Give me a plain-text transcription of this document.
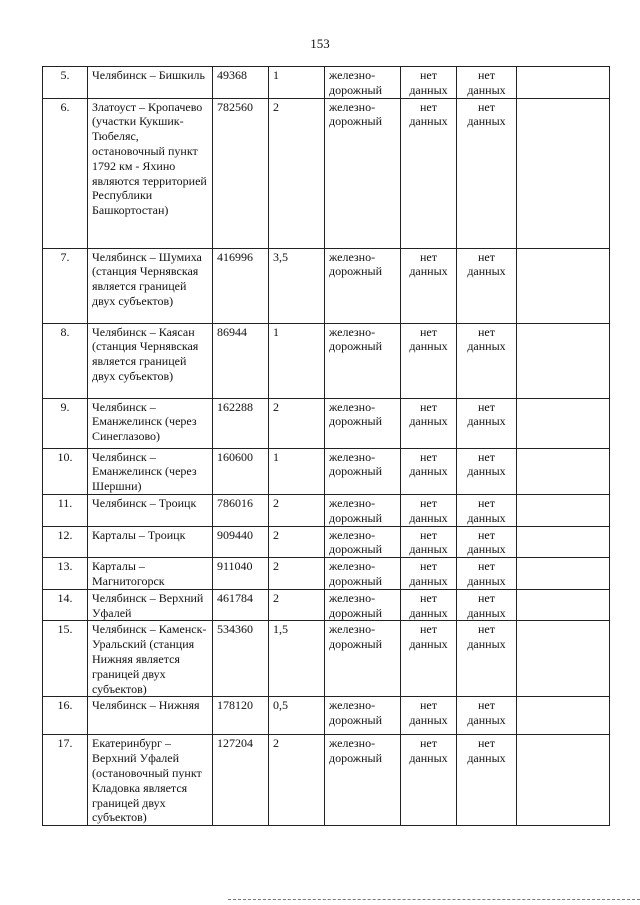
153
5.	Челябинск – Бишкиль	49368	1	железно-дорожный	нет данных	нет данных	
6.	Златоуст – Кропачево (участки Кукшик-Тюбеляс, остановочный пункт 1792 км - Яхино являются территорией Республики Башкортостан)	782560	2	железно-дорожный	нет данных	нет данных	
7.	Челябинск – Шумиха (станция Чернявская является границей двух субъектов)	416996	3,5	железно-дорожный	нет данных	нет данных	
8.	Челябинск – Каясан (станция Чернявская является границей двух субъектов)	86944	1	железно-дорожный	нет данных	нет данных	
9.	Челябинск – Еманжелинск (через Синеглазово)	162288	2	железно-дорожный	нет данных	нет данных	
10.	Челябинск – Еманжелинск (через Шершни)	160600	1	железно-дорожный	нет данных	нет данных	
11.	Челябинск – Троицк	786016	2	железно-дорожный	нет данных	нет данных	
12.	Карталы – Троицк	909440	2	железно-дорожный	нет данных	нет данных	
13.	Карталы – Магнитогорск	911040	2	железно-дорожный	нет данных	нет данных	
14.	Челябинск – Верхний Уфалей	461784	2	железно-дорожный	нет данных	нет данных	
15.	Челябинск – Каменск-Уральский (станция Нижняя является границей двух субъектов)	534360	1,5	железно-дорожный	нет данных	нет данных	
16.	Челябинск – Нижняя	178120	0,5	железно-дорожный	нет данных	нет данных	
17.	Екатеринбург – Верхний Уфалей (остановочный пункт Кладовка является границей двух субъектов)	127204	2	железно-дорожный	нет данных	нет данных	
